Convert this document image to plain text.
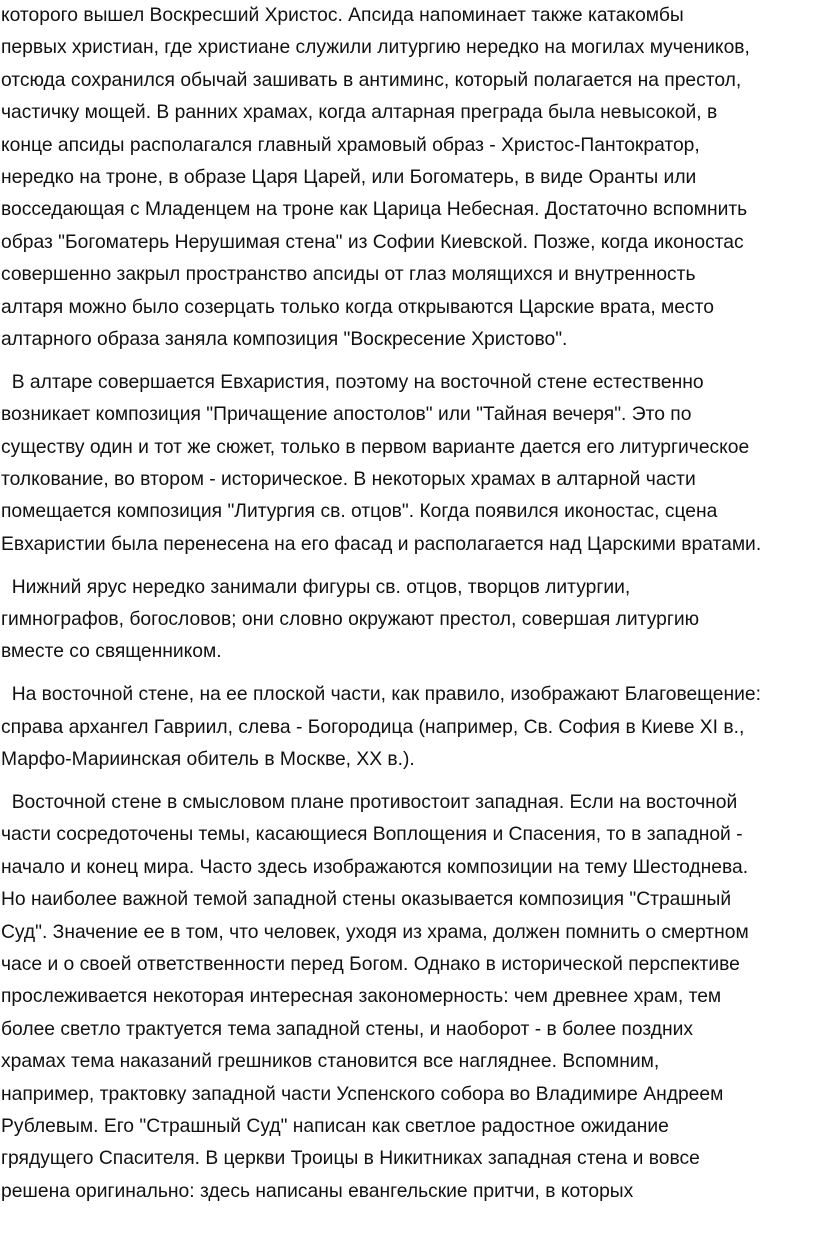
которого вышел Воскресший Христос. Апсида напоминает также катакомбы
первых христиан, где христиане служили литургию нередко на могилах мучеников,
отсюда сохранился обычай зашивать в антиминс, который полагается на престол,
частичку мощей. В ранних храмах, когда алтарная преграда была невысокой, в
конце апсиды располагался главный храмовый образ - Христос-Пантократор,
нередко на троне, в образе Царя Царей, или Богоматерь, в виде Оранты или
восседающая с Младенцем на троне как Царица Небесная. Достаточно вспомнить
образ "Богоматерь Нерушимая стена" из Софии Киевской. Позже, когда иконостас
совершенно закрыл пространство апсиды от глаз молящихся и внутренность
алтаря можно было созерцать только когда открываются Царские врата, место
алтарного образа заняла композиция "Воскресение Христово".
В алтаре совершается Евхаристия, поэтому на восточной стене естественно
возникает композиция "Причащение апостолов" или "Тайная вечеря". Это по
существу один и тот же сюжет, только в первом варианте дается его литургическое
толкование, во втором - историческое. В некоторых храмах в алтарной части
помещается композиция "Литургия св. отцов". Когда появился иконостас, сцена
Евхаристии была перенесена на его фасад и располагается над Царскими вратами.
Нижний ярус нередко занимали фигуры св. отцов, творцов литургии,
гимнографов, богословов; они словно окружают престол, совершая литургию
вместе со священником.
На восточной стене, на ее плоской части, как правило, изображают Благовещение:
справа архангел Гавриил, слева - Богородица (например, Св. София в Киеве XI в.,
Марфо-Мариинская обитель в Москве, XX в.).
Восточной стене в смысловом плане противостоит западная. Если на восточной
части сосредоточены темы, касающиеся Воплощения и Спасения, то в западной -
начало и конец мира. Часто здесь изображаются композиции на тему Шестоднева.
Но наиболее важной темой западной стены оказывается композиция "Страшный
Суд". Значение ее в том, что человек, уходя из храма, должен помнить о смертном
часе и о своей ответственности перед Богом. Однако в исторической перспективе
прослеживается некоторая интересная закономерность: чем древнее храм, тем
более светло трактуется тема западной стены, и наоборот - в более поздних
храмах тема наказаний грешников становится все нагляднее. Вспомним,
например, трактовку западной части Успенского собора во Владимире Андреем
Рублевым. Его "Страшный Суд" написан как светлое радостное ожидание
грядущего Спасителя. В церкви Троицы в Никитниках западная стена и вовсе
решена оригинально: здесь написаны евангельские притчи, в которых
